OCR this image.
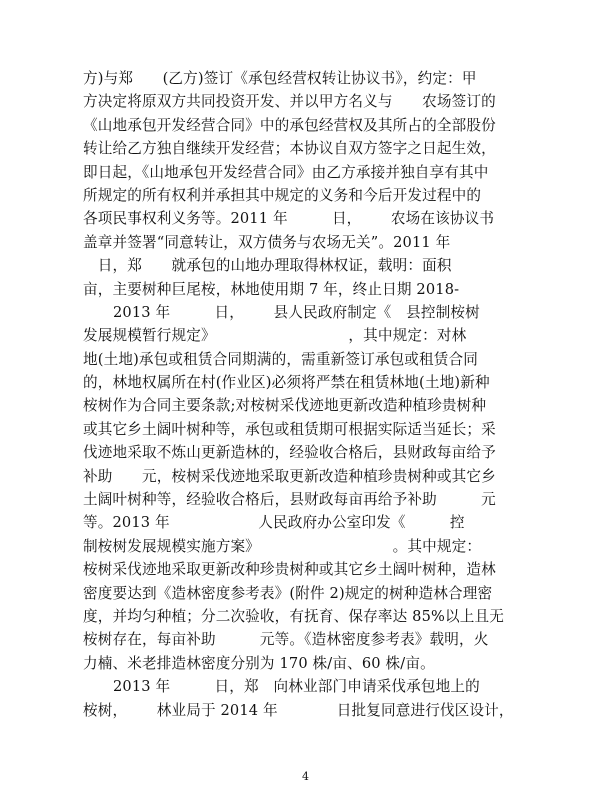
方)与郑  (乙方)签订《承包经营权转让协议书》，约定：甲
方决定将原双方共同投资开发、并以甲方名义与  农场签订的
《山地承包开发经营合同》中的承包经营权及其所占的全部股份
转让给乙方独自继续开发经营；本协议自双方签字之日起生效，
即日起，《山地承包开发经营合同》由乙方承接并独自享有其中
所规定的所有权利并承担其中规定的义务和今后开发过程中的
各项民事权利义务等。2011 年   日，  农场在该协议书
盖章并签署“同意转让，双方债务与农场无关”。2011 年  
 日，郑  就承包的山地办理取得林权证，载明：面积  
亩，主要树种巨尾桉，林地使用期 7 年，终止日期 2018-  
2013 年   日，  县人民政府制定《 县控制桉树
发展规模暂行规定》         ，其中规定：对林
地(土地)承包或租赁合同期满的，需重新签订承包或租赁合同
的，林地权属所在村(作业区)必须将严禁在租赁林地(土地)新种
桉树作为合同主要条款;对桉树采伐迹地更新改造种植珍贵树种
或其它乡土阔叶树种等，承包或租赁期可根据实际适当延长；采
伐迹地采取不炼山更新造林的，经验收合格后，县财政每亩给予
补助  元，桉树采伐迹地采取更新改造种植珍贵树种或其它乡
土阔叶树种等，经验收合格后，县财政每亩再给予补助   元
等。2013 年      人民政府办公室印发《   控
制桉树发展规模实施方案》         。其中规定：
桉树采伐迹地采取更新改种珍贵树种或其它乡土阔叶树种，造林
密度要达到《造林密度参考表》(附件 2)规定的树种造林合理密
度，并均匀种植；分二次验收，有抚育、保存率达 85%以上且无
桉树存在，每亩补助   元等。《造林密度参考表》载明，火
力楠、米老排造林密度分别为 170 株/亩、60 株/亩。
2013 年   日，郑 向林业部门申请采伐承包地上的
桉树，  林业局于 2014 年    日批复同意进行伐区设计，
4
